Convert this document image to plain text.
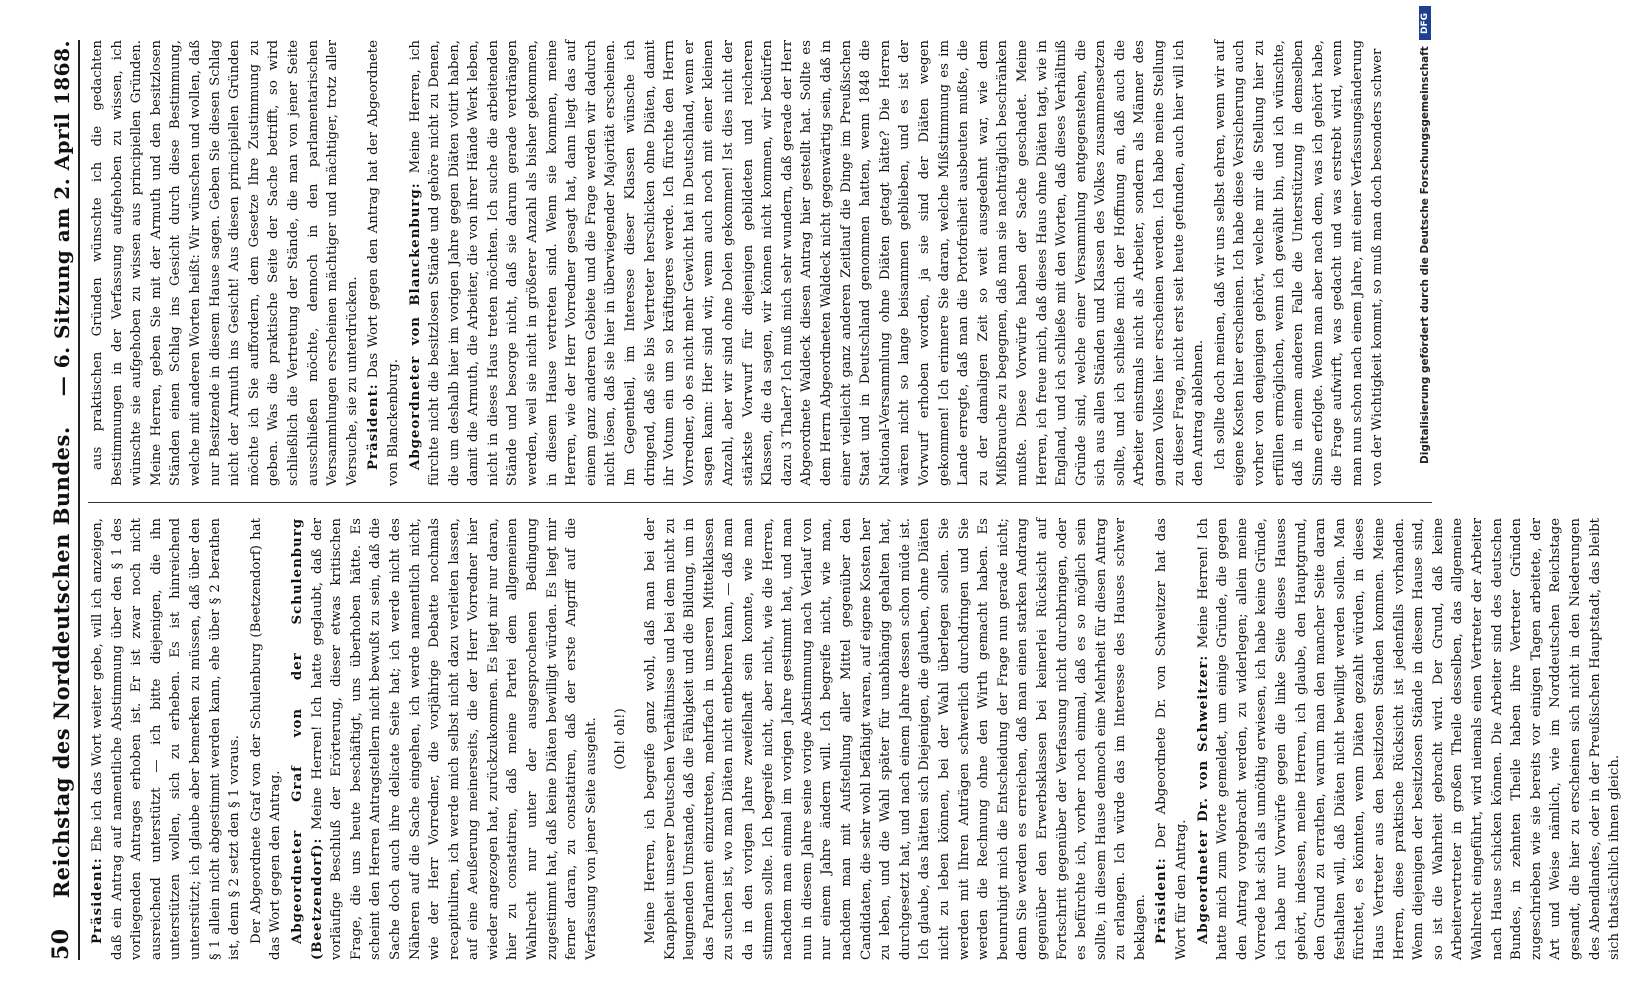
50
Reichstag des Norddeutschen Bundes.
— 6. Sitzung am 2. April 1868.

Präsident: Ehe ich das Wort weiter gebe, will ich anzeigen, daß ein Antrag auf namentliche Abstimmung über den § 1 des vorliegenden Antrages erhoben ist. Er ist zwar noch nicht ausreichend unterstützt — ich bitte diejenigen, die ihn unterstützen wollen, sich zu erheben. Es ist hinreichend unterstützt; ich glaube aber bemerken zu müssen, daß über den § 1 allein nicht abgestimmt werden kann, ehe über § 2 berathen ist, denn § 2 setzt den § 1 voraus. Der Abgeordnete Graf von der Schulenburg (Beetzendorf) hat das Wort gegen den Antrag. Abgeordneter Graf von der Schulenburg (Beetzendorf): Meine Herren! Ich hatte geglaubt, daß der vorläufige Beschluß der Erörterung, dieser etwas kritischen Frage, die uns heute beschäftigt, uns überhoben hätte. Es scheint den Herren Antragstellern nicht bewußt zu sein, daß die Sache doch auch ihre delicate Seite hat; ich werde nicht des Näheren auf die Sache eingehen, ich werde namentlich nicht, wie der Herr Vorredner, die vorjährige Debatte nochmals recapituliren, ich werde mich selbst nicht dazu verleiten lassen, auf eine Aeußerung meinerseits, die der Herr Vorredner hier wieder angezogen hat, zurückzukommen. Es liegt mir nur daran, hier zu constatiren, daß meine Partei dem allgemeinen Wahlrecht nur unter der ausgesprochenen Bedingung zugestimmt hat, daß keine Diäten bewilligt würden. Es liegt mir ferner daran, zu constatiren, daß der erste Angriff auf die Verfassung von jener Seite ausgeht. (Oh! oh!) Meine Herren, ich begreife ganz wohl, daß man bei der Knappheit unserer Deutschen Verhältnisse und bei dem nicht zu leugnenden Umstande, daß die Fähigkeit und die Bildung, um in das Parlament einzutreten, mehrfach in unseren Mittelklassen zu suchen ist, wo man Diäten nicht entbehren kann, — daß man da in den vorigen Jahre zweifelhaft sein konnte, wie man stimmen sollte. Ich begreife nicht, aber nicht, wie die Herren, nachdem man einmal im vorigen Jahre gestimmt hat, und man nun in diesem Jahre seine vorige Abstimmung nach Verlauf von nur einem Jahre ändern will. Ich begreife nicht, wie man, nachdem man mit Aufstellung aller Mittel gegenüber den Candidaten, die sehr wohl befähigt waren, auf eigene Kosten her zu leben, und die Wahl später für unabhängig gehalten hat, durchgesetzt hat, und nach einem Jahre dessen schon müde ist. Ich glaube, das hätten sich Diejenigen, die glauben, ohne Diäten nicht zu leben können, bei der Wahl überlegen sollen. Sie werden mit Ihren Anträgen schwerlich durchdringen und Sie werden die Rechnung ohne den Wirth gemacht haben. Es beunruhigt mich die Entscheidung der Frage nun gerade nicht; denn Sie werden es erreichen, daß man einen starken Andrang gegenüber den Erwerbsklassen bei keinerlei Rücksicht auf Fortschritt gegenüber der Verfassung nicht durchbringen, oder es befürchte ich, vorher noch einmal, daß es so möglich sein sollte, in diesem Hause dennoch eine Mehrheit für diesen Antrag zu erlangen. Ich würde das im Interesse des Hauses schwer beklagen. Präsident: Der Abgeordnete Dr. von Schweitzer hat das Wort für den Antrag. Abgeordneter Dr. von Schweitzer: Meine Herren! Ich hatte mich zum Worte gemeldet, um einige Gründe, die gegen den Antrag vorgebracht werden, zu widerlegen; allein meine Vorrede hat sich als unnöthig erwiesen, ich habe keine Gründe, ich habe nur Vorwürfe gegen die linke Seite dieses Hauses gehört, indessen, meine Herren, ich glaube, den Hauptgrund, den Grund zu errathen, warum man den mancher Seite daran festhalten will, daß Diäten nicht bewilligt werden sollen. Man fürchtet, es könnten, wenn Diäten gezahlt würden, in dieses Haus Vertreter aus den besitzlosen Ständen kommen. Meine Herren, diese praktische Rücksicht ist jedenfalls vorhanden. Wenn diejenigen der besitzlosen Stände in diesem Hause sind, so ist die Wahrheit gebracht wird. Der Grund, daß keine Arbeitervertreter in großen Theile desselben, das allgemeine Wahlrecht eingeführt, wird niemals einen Vertreter der Arbeiter nach Hause schicken können. Die Arbeiter sind des deutschen Bundes, in zehnten Theile haben ihre Vertreter Gründen zugeschrieben wie sie bereits vor einigen Tagen arbeitete, der Art und Weise nämlich, wie im Norddeutschen Reichstage gesandt, die hier zu erscheinen sich nicht in den Niederungen des Abendlandes, oder in der Preußischen Hauptstadt, das bleibt sich thatsächlich ihnen gleich.

aus praktischen Gründen wünschte ich die gedachten Bestimmungen in der Verfassung aufgehoben zu wissen, ich wünschte sie aufgehoben zu wissen aus principiellen Gründen. Meine Herren, geben Sie mit der Armuth und den besitzlosen Ständen einen Schlag ins Gesicht durch diese Bestimmung, welche mit anderen Worten heißt: Wir wünschen und wollen, daß nur Besitzende in diesem Hause sagen. Geben Sie diesen Schlag nicht der Armuth ins Gesicht! Aus diesen principiellen Gründen möchte ich Sie auffordern, dem Gesetze Ihre Zustimmung zu geben. Was die praktische Seite der Sache betrifft, so wird schließlich die Vertretung der Stände, die man von jener Seite ausschließen möchte, dennoch in den parlamentarischen Versammlungen erscheinen mächtiger und mächtiger, trotz aller Versuche, sie zu unterdrücken. Präsident: Das Wort gegen den Antrag hat der Abgeordnete von Blanckenburg. Abgeordneter von Blanckenburg: Meine Herren, ich fürchte nicht die besitzlosen Stände und gehöre nicht zu Denen, die um deshalb hier im vorigen Jahre gegen Diäten votirt haben, damit die Armuth, die Arbeiter, die von ihrer Hände Werk leben, nicht in dieses Haus treten möchten. Ich suche die arbeitenden Stände und besorge nicht, daß sie darum gerade verdrängen werden, weil sie nicht in größerer Anzahl als bisher gekommen, in diesem Hause vertreten sind. Wenn sie kommen, meine Herren, wie der Herr Vorredner gesagt hat, dann liegt das auf einem ganz anderen Gebiete und die Frage werden wir dadurch nicht lösen, daß sie hier in überwiegender Majorität erscheinen. Im Gegentheil, im Interesse dieser Klassen wünsche ich dringend, daß sie bis Vertreter herschicken ohne Diäten, damit ihr Votum ein um so kräftigeres werde. Ich fürchte den Herrn Vorredner, ob es nicht mehr Gewicht hat in Deutschland, wenn er sagen kann: Hier sind wir, wenn auch noch mit einer kleinen Anzahl, aber wir sind ohne Dolen gekommen! Ist dies nicht der stärkste Vorwurf für diejenigen gebildeten und reicheren Klassen, die da sagen, wir können nicht kommen, wir bedürfen dazu 3 Thaler? Ich muß mich sehr wundern, daß gerade der Herr Abgeordnete Waldeck diesen Antrag hier gestellt hat. Sollte es dem Herrn Abgeordneten Waldeck nicht gegenwärtig sein, daß in einer vielleicht ganz anderen Zeitlauf die Dinge im Preußischen Staat und in Deutschland genommen hatten, wenn 1848 die National-Versammlung ohne Diäten getagt hätte? Die Herren wären nicht so lange beisammen geblieben, und es ist der Vorwurf erhoben worden, ja sie sind der Diäten wegen gekommen! Ich erinnere Sie daran, welche Mißstimmung es im Lande erregte, daß man die Portofreiheit ausbeuten mußte, die zu der damaligen Zeit so weit ausgedehnt war, wie dem Mißbrauche zu begegnen, daß man sie nachträglich beschränken mußte. Diese Vorwürfe haben der Sache geschadet. Meine Herren, ich freue mich, daß dieses Haus ohne Diäten tagt, wie in England, und ich schließe mit den Worten, daß dieses Verhältniß Gründe sind, welche einer Versammlung entgegenstehen, die sich aus allen Ständen und Klassen des Volkes zusammensetzen sollte, und ich schließe mich der Hoffnung an, daß auch die Arbeiter einstmals nicht als Arbeiter, sondern als Männer des ganzen Volkes hier erscheinen werden. Ich habe meine Stellung zu dieser Frage, nicht erst seit heute gefunden, auch hier will ich den Antrag ablehnen. Ich sollte doch meinen, daß wir uns selbst ehren, wenn wir auf eigene Kosten hier erscheinen. Ich habe diese Versicherung auch vorher von denjenigen gehört, welche mir die Stellung hier zu erfüllen ermöglichen, wenn ich gewählt bin, und ich wünschte, daß in einem anderen Falle die Unterstützung in demselben Sinne erfolgte. Wenn man aber nach dem, was ich gehört habe, die Frage aufwirft, was gedacht und was erstrebt wird, wenn man nun schon nach einem Jahre, mit einer Verfassungsänderung von der Wichtigkeit kommt, so muß man doch besonders schwer

DFG
Digitalisierung gefördert durch die Deutsche Forschungsgemeinschaft
